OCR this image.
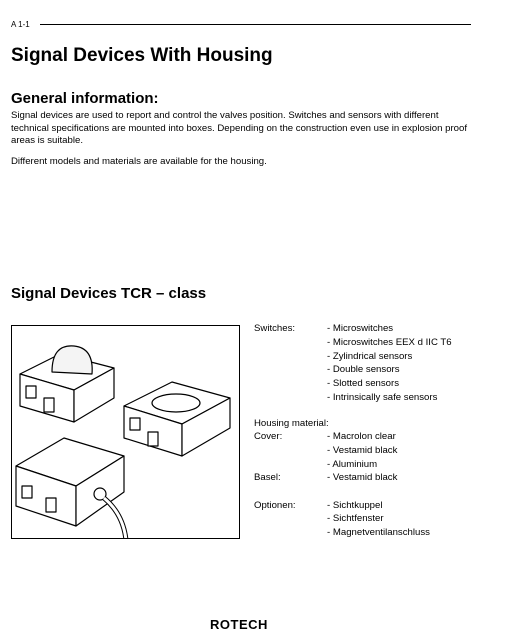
A 1-1
Signal Devices With Housing
General information:
Signal devices are used to report and control the valves position. Switches and sensors with different technical specifications are mounted into boxes. Depending on the construction even use in explosion proof areas is suitable.
Different models and materials are available for the housing.
Signal Devices TCR – class
Switches:	- Microswitches
- Microswitches EEX d IIC T6
- Zylindrical sensors
- Double sensors
- Slotted sensors
- Intrinsically safe sensors
Housing material:
Cover:	- Macrolon clear
- Vestamid black
- Aluminium
Basel:	- Vestamid black
Optionen:	- Sichtkuppel
- Sichtfenster
- Magnetventilanschluss
ROTECH
